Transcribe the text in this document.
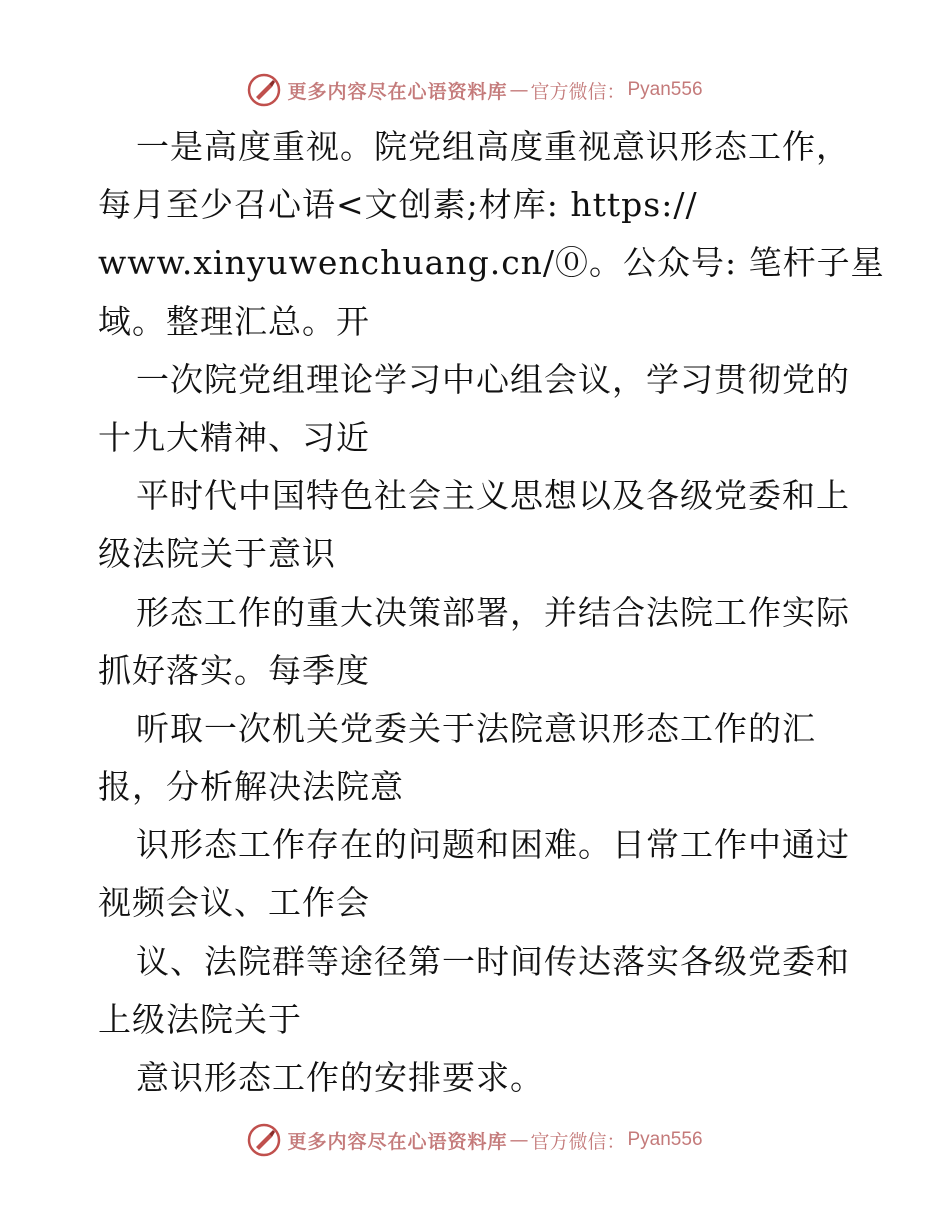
更多内容尽在心语资料库 — 官方微信： Pyan556
一是高度重视。院党组高度重视意识形态工作，
每月至少召心语<文创素;材库: https://
www.xinyuwenchuang.cn/⓪。公众号: 笔杆子星
域。整理汇总。开
一次院党组理论学习中心组会议，学习贯彻党的
十九大精神、习近
平时代中国特色社会主义思想以及各级党委和上
级法院关于意识
形态工作的重大决策部署，并结合法院工作实际
抓好落实。每季度
听取一次机关党委关于法院意识形态工作的汇
报，分析解决法院意
识形态工作存在的问题和困难。日常工作中通过
视频会议、工作会
议、法院群等途径第一时间传达落实各级党委和
上级法院关于
意识形态工作的安排要求。
更多内容尽在心语资料库 — 官方微信： Pyan556
